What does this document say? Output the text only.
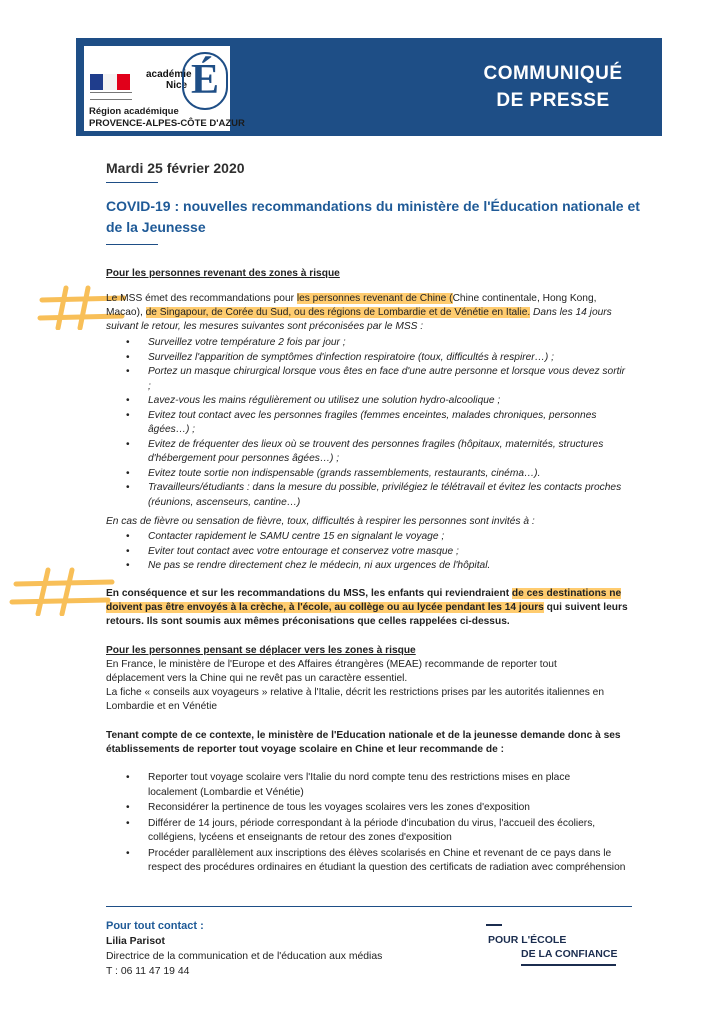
académie
Nice É
Région académique
PROVENCE-ALPES-CÔTE D'AZUR
COMMUNIQUÉ
DE PRESSE
Mardi 25 février 2020
COVID-19 : nouvelles recommandations du ministère de l'Éducation nationale et de la Jeunesse
Pour les personnes revenant des zones à risque
Le MSS émet des recommandations pour les personnes revenant de Chine (Chine continentale, Hong Kong,
Macao), de Singapour, de Corée du Sud, ou des régions de Lombardie et de Vénétie en Italie. Dans les 14 jours
suivant le retour, les mesures suivantes sont préconisées par le MSS :
• Surveillez votre température 2 fois par jour ;
• Surveillez l'apparition de symptômes d'infection respiratoire (toux, difficultés à respirer…) ;
• Portez un masque chirurgical lorsque vous êtes en face d'une autre personne et lorsque vous devez sortir ;
• Lavez-vous les mains régulièrement ou utilisez une solution hydro-alcoolique ;
• Evitez tout contact avec les personnes fragiles (femmes enceintes, malades chroniques, personnes âgées…) ;
• Evitez de fréquenter des lieux où se trouvent des personnes fragiles (hôpitaux, maternités, structures d'hébergement pour personnes âgées…) ;
• Evitez toute sortie non indispensable (grands rassemblements, restaurants, cinéma…).
• Travailleurs/étudiants : dans la mesure du possible, privilégiez le télétravail et évitez les contacts proches (réunions, ascenseurs, cantine…)
En cas de fièvre ou sensation de fièvre, toux, difficultés à respirer les personnes sont invités à :
• Contacter rapidement le SAMU centre 15 en signalant le voyage ;
• Eviter tout contact avec votre entourage et conservez votre masque ;
• Ne pas se rendre directement chez le médecin, ni aux urgences de l'hôpital.
En conséquence et sur les recommandations du MSS, les enfants qui reviendraient de ces destinations ne
doivent pas être envoyés à la crèche, à l'école, au collège ou au lycée pendant les 14 jours qui suivent leurs
retours. Ils sont soumis aux mêmes préconisations que celles rappelées ci-dessus.
Pour les personnes pensant se déplacer vers les zones à risque
En France, le ministère de l'Europe et des Affaires étrangères (MEAE) recommande de reporter tout
déplacement vers la Chine qui ne revêt pas un caractère essentiel.
La fiche « conseils aux voyageurs » relative à l'Italie, décrit les restrictions prises par les autorités italiennes en
Lombardie et en Vénétie
Tenant compte de ce contexte, le ministère de l'Education nationale et de la jeunesse demande donc à ses
établissements de reporter tout voyage scolaire en Chine et leur recommande de :
• Reporter tout voyage scolaire vers l'Italie du nord compte tenu des restrictions mises en place localement (Lombardie et Vénétie)
• Reconsidérer la pertinence de tous les voyages scolaires vers les zones d'exposition
• Différer de 14 jours, période correspondant à la période d'incubation du virus, l'accueil des écoliers, collégiens, lycéens et enseignants de retour des zones d'exposition
• Procéder parallèlement aux inscriptions des élèves scolarisés en Chine et revenant de ce pays dans le respect des procédures ordinaires en étudiant la question des certificats de radiation avec compréhension
Pour tout contact :
Lilia Parisot
Directrice de la communication et de l'éducation aux médias
T : 06 11 47 19 44
POUR L'ÉCOLE
DE LA CONFIANCE
